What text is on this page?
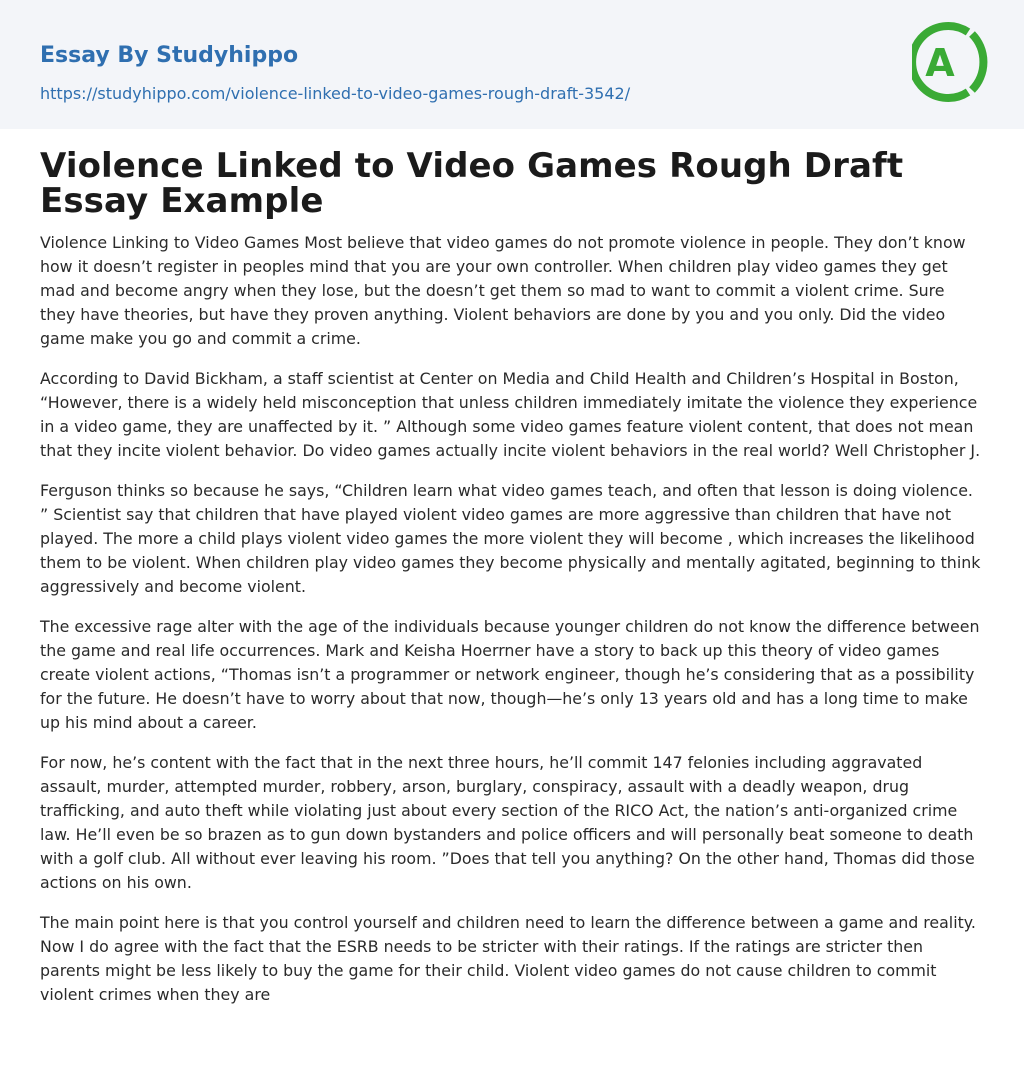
Essay By Studyhippo
https://studyhippo.com/violence-linked-to-video-games-rough-draft-3542/
A
Violence Linked to Video Games Rough Draft Essay Example

Violence Linking to Video Games Most believe that video games do not promote violence in people. They don’t know how it doesn’t register in peoples mind that you are your own controller. When children play video games they get mad and become angry when they lose, but the doesn’t get them so mad to want to commit a violent crime. Sure they have theories, but have they proven anything. Violent behaviors are done by you and you only. Did the video game make you go and commit a crime.

According to David Bickham, a staff scientist at Center on Media and Child Health and Children’s Hospital in Boston, “However, there is a widely held misconception that unless children immediately imitate the violence they experience in a video game, they are unaffected by it. ” Although some video games feature violent content, that does not mean that they incite violent behavior. Do video games actually incite violent behaviors in the real world? Well Christopher J.

Ferguson thinks so because he says, “Children learn what video games teach, and often that lesson is doing violence. ” Scientist say that children that have played violent video games are more aggressive than children that have not played. The more a child plays violent video games the more violent they will become , which increases the likelihood them to be violent. When children play video games they become physically and mentally agitated, beginning to think aggressively and become violent.

The excessive rage alter with the age of the individuals because younger children do not know the difference between the game and real life occurrences. Mark and Keisha Hoerrner have a story to back up this theory of video games create violent actions, “Thomas isn’t a programmer or network engineer, though he’s considering that as a possibility for the future. He doesn’t have to worry about that now, though—he’s only 13 years old and has a long time to make up his mind about a career.

For now, he’s content with the fact that in the next three hours, he’ll commit 147 felonies including aggravated assault, murder, attempted murder, robbery, arson, burglary, conspiracy, assault with a deadly weapon, drug trafficking, and auto theft while violating just about every section of the RICO Act, the nation’s anti-organized crime law. He’ll even be so brazen as to gun down bystanders and police officers and will personally beat someone to death with a golf club. All without ever leaving his room. ”Does that tell you anything? On the other hand, Thomas did those actions on his own.

The main point here is that you control yourself and children need to learn the difference between a game and reality. Now I do agree with the fact that the ESRB needs to be stricter with their ratings. If the ratings are stricter then parents might be less likely to buy the game for their child. Violent video games do not cause children to commit violent crimes when they are
